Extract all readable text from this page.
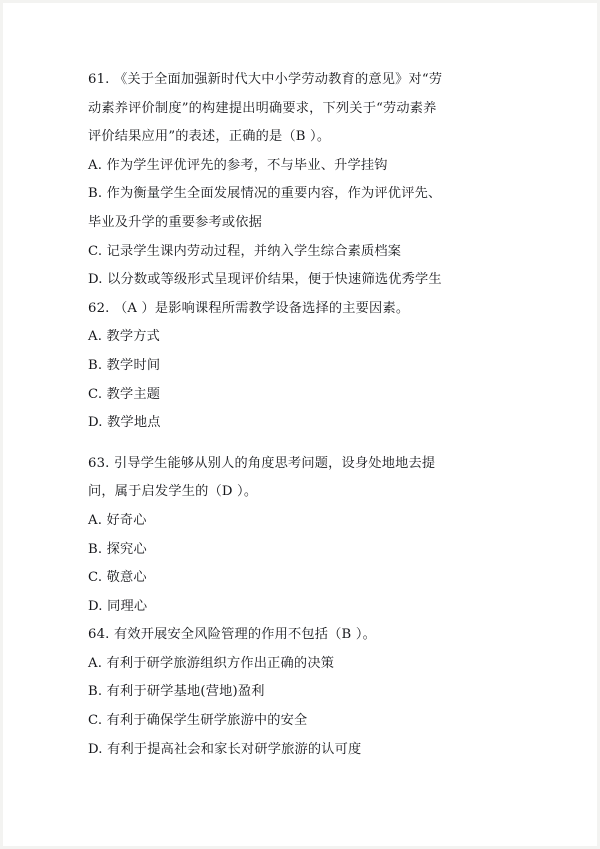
61. 《关于全面加强新时代大中小学劳动教育的意见》对“劳
动素养评价制度”的构建提出明确要求，下列关于“劳动素养
评价结果应用”的表述，正确的是（B ）。
A. 作为学生评优评先的参考，不与毕业、升学挂钩
B. 作为衡量学生全面发展情况的重要内容，作为评优评先、
毕业及升学的重要参考或依据
C. 记录学生课内劳动过程，并纳入学生综合素质档案
D. 以分数或等级形式呈现评价结果，便于快速筛选优秀学生
62. （A ）是影响课程所需教学设备选择的主要因素。
A. 教学方式
B. 教学时间
C. 教学主题
D. 教学地点
63. 引导学生能够从别人的角度思考问题，设身处地地去提
问，属于启发学生的（D ）。
A. 好奇心
B. 探究心
C. 敬意心
D. 同理心
64. 有效开展安全风险管理的作用不包括（B ）。
A. 有利于研学旅游组织方作出正确的决策
B. 有利于研学基地(营地)盈利
C. 有利于确保学生研学旅游中的安全
D. 有利于提高社会和家长对研学旅游的认可度
